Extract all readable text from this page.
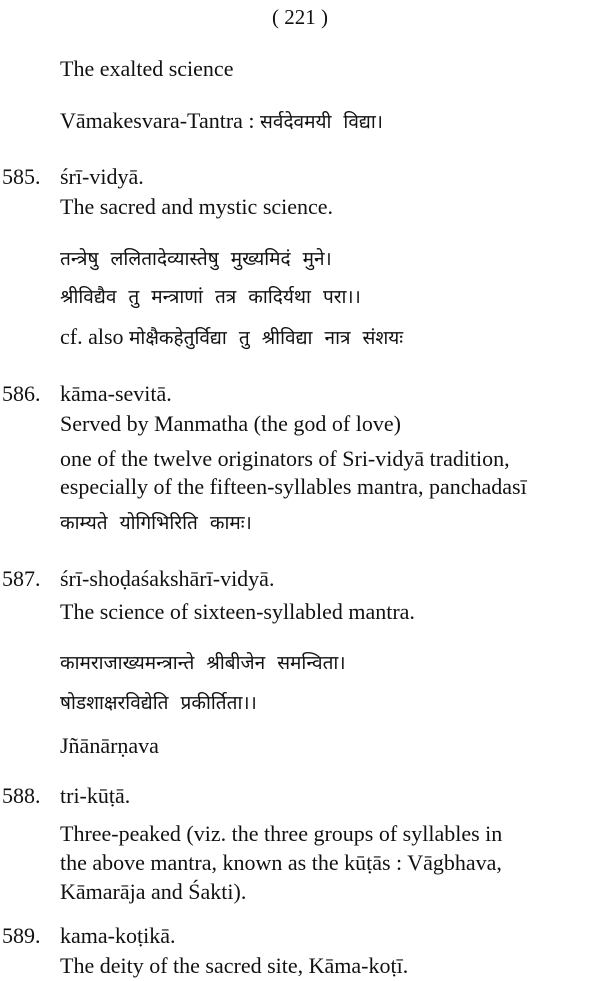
( 221 )
The exalted science
Vāmakesvara-Tantra : सर्वदेवमयी विद्या।
585. śrī-vidyā.
The sacred and mystic science.
तन्त्रेषु ललितादेव्यास्तेषु मुख्यमिदं मुने।
श्रीविद्यैव तु मन्त्राणां तत्र कादिर्यथा परा।।
cf. also मोक्षैकहेतुर्विद्या तु श्रीविद्या नात्र संशयः
586. kāma-sevitā.
Served by Manmatha (the god of love)
one of the twelve originators of Sri-vidyā tradition,
especially of the fifteen-syllables mantra, panchadasī
काम्यते योगिभिरिति कामः।
587. śrī-shoḍaśakshārī-vidyā.
The science of sixteen-syllabled mantra.
कामराजाख्यमन्त्रान्ते श्रीबीजेन समन्विता।
षोडशाक्षरविद्येति प्रकीर्तिता।।
Jñānārṇava
588. tri-kūṭā.
Three-peaked (viz. the three groups of syllables in
the above mantra, known as the kūṭās : Vāgbhava,
Kāmarāja and Śakti).
589. kama-koṭikā.
The deity of the sacred site, Kāma-koṭī.
